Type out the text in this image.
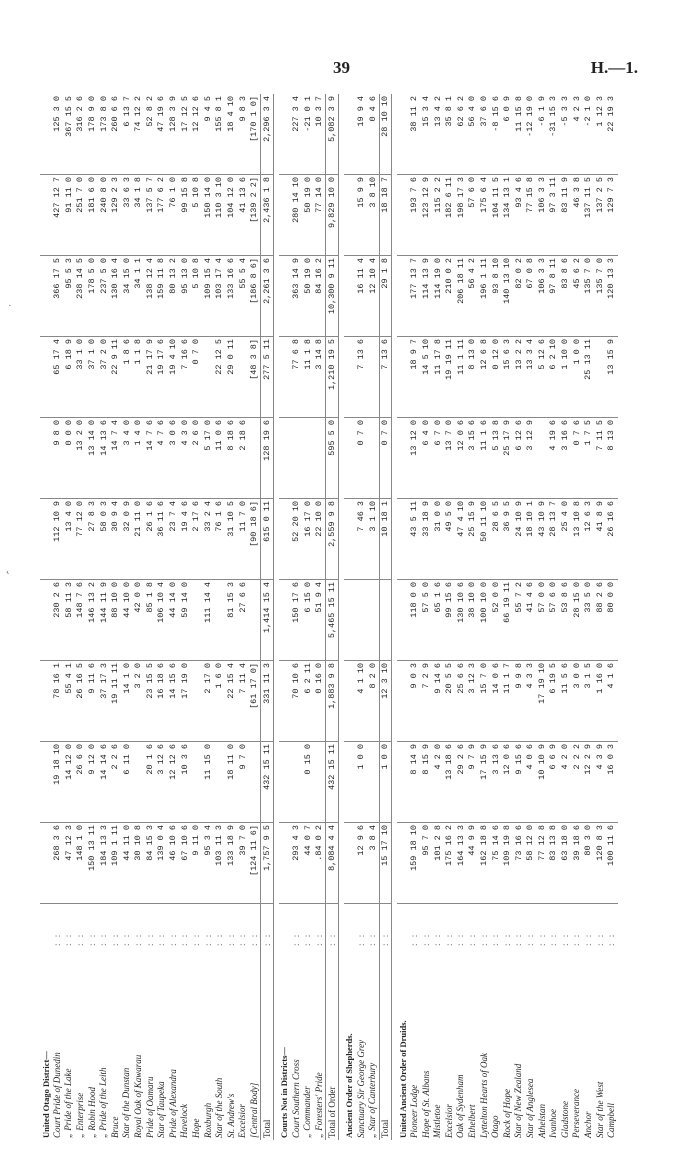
39	H.—1.
·
˛
United Otago District—											
Court Pride of Dunedin	: :	268 3 6	19 18 10	78 16 1	230 2 6	112 10 9	9 8 0	65 17 4	366 17 5	427 12 7	125 3 0
„ Pride of the Lake	: :	47 12 3	14 12 0	55 4 1	58 11 3	13 4 0	0 0 0	6 18 9	95 5 3	91 11 0	367 15 5
„ Enterprise	: :	148 1 0	26 6 0	26 16 5	148 7 6	77 12 0	13 2 0	33 1 0	238 14 5	251 7 0	316 2 6
„ Robin Hood	: :	150 13 11	9 12 0	9 11 6	146 13 2	27 8 3	13 14 0	37 1 0	178 5 0	181 6 0	178 9 0
„ Pride of the Leith	: :	184 13 3	14 14 6	37 17 3	144 11 9	58 0 3	14 13 6	37 2 0	237 5 0	240 8 0	173 8 0
Bruce	: :	109 1 11	2 2 6	19 11 11	88 10 0	30 9 4	14 7 4	22 9 11	130 16 4	129 2 3	260 6 6
Star of the Dunstan	: :	44 11 0	6 11 0	14 1 0	44 10 0	32 0 9	3 4 0	1 8 6	34 15 0	33 6 3	6 13 7
Royal Oak of Kawarau	: :	30 10 8		3 2 0	42 0 0	21 11 0	1 4 0	1 1 8	34 1 1	34 1 8	74 12 2
Pride of Oamaru	: :	84 15 3	20 1 6	23 15 5	85 1 8	26 1 6	14 7 6	21 17 9	138 12 4	137 5 7	52 8 2
Star of Taupeka	: :	139 0 4	3 12 6	16 18 6	106 10 4	36 11 6	4 7 6	19 17 6	159 11 8	177 6 2	47 19 6
Pride of Alexandra	: :	46 10 6	12 12 6	14 15 6	44 14 0	23 7 4	3 0 6	19 4 10	80 13 2	76 1 0	128 3 9
Havelock	: :	67 10 6	10 3 6	17 19 0	59 14 0	19 4 6	4 3 0	7 16 6	95 13 0	99 15 8	17 12 5
Hope	: :	9 11 0				2 17 6	2 6 0	0 7 0	5 10 8	5 10 8	12 12 6
Roxburgh	: :	95 3 4	11 15 0	2 17 0	111 14 4	33 2 4	5 17 0		109 15 4	150 14 0	9 4 5
Star of the South	: :	103 11 3		1 6 0		76 1 6	11 0 6	22 12 5	103 17 4	110 3 10	155 8 1
St. Andrew's	: :	133 18 9	18 11 0	22 15 4	81 15 3	31 10 5	8 18 6	29 0 11	133 16 6	104 12 0	18 4 10
Excelsior	: :	39 7 0	9 7 0	7 11 4	27 6 6	11 7 0	2 18 6		55 5 4	41 13 6	9 8 3
[Central Body]	: :	[124 11 6]		[61 17 0]		[90 18 6]		[48 3 8]	[186 8 6]	[139 2 2]	[170 1 0]
Total	: :	1,757 9 5	432 15 11	331 11 3	1,414 15 4	615 0 11	128 19 6	277 5 11	2,261 3 6	2,436 1 8	2,296 3 4

Courts Not in Districts—											
Court Southern Cross	: :	293 4 3		70 10 6	150 17 6	52 20 10		77 6 8	363 14 9	280 14 10	227 3 4
„ Commander	: :	44 0 7	0 15 0	6 2 11	6 15 0	16 17 0		11 1 8	50 19 0	50 19 0	-21 0 1
„ Foresters' Pride	: :	.84 0 2		0 16 0	51 9 4	22 10 0		3 14 8	84 16 2	77 14 0	10 3 7
Total of Order	: :	8,084 4 4	432 15 11	1,883 9 8	5,465 15 11	2,559 9 8	595 5 0	1,210 19 5	10,300 9 11	9,829 10 0	5,082 3 9

Ancient Order of Shepherds.											
Sanctuary Sir George Grey	: :	12 9 6	1 0 0	4 1 10		7 46 3	0 7 0	7 13 6	16 11 4	15 9 9	19 9 4
„ Star of Canterbury	: :	3 8 4		8 2 0		3 1 10			12 10 4	3 8 10	0 4 6
Total	: :	15 17 10	1 0 0	12 3 10		10 18 1	0 7 0	7 13 6	29 1 8	18 18 7	28 10 10

United Ancient Order of Druids.											
Pioneer Lodge	: :	159 18 10	8 14 9	9 0 3	118 0 0	43 5 11	13 12 0	18 9 7	177 13 7	193 7 6	38 11 2
Hope of St. Albans	: :	95 7 0	8 15 9	7 2 9	57 5 0	33 18 9	6 4 0	14 5 10	114 13 9	123 12 9	15 3 4
Mistletoe	: :	101 2 8	4 2 0	9 14 6	65 1 6	31 0 0	6 7 0	11 17 8	114 19 0	115 2 2	13 4 2
Excelsior	: :	175 16 2	13 18 6	20 5 5	99 15 6	49 5 0	13 7 0	19 19 11	210 0 2	182 6 11	35 8 1
Oak of Sydenham	: :	164 13 3	29 2 6	25 6 6	130 10 6	47 4 10	12 0 6	11 1 11	206 18 11	198 17 3	62 6 2
Ethelbert	: :	44 9 9	9 7 9	3 12 3	38 10 0	25 15 9	3 15 6	8 13 0	56 4 2	57 6 0	56 4 0
Lyttelton Hearts of Oak	: :	162 18 8	17 15 9	15 7 0	100 10 0	50 11 10	11 1 6	12 6 8	196 1 11	175 6 4	37 6 0
Otago	: :	75 14 6	3 13 6	14 0 6	52 0 0	28 6 5	5 13 8	0 12 0	93 8 10	104 11 5	-8 15 6
Rock of Hope	: :	109 19 8	12 0 6	11 1 7	66 19 11	36 9 5	25 17 9	15 6 3	140 13 10	134 13 1	6 0 9
Star of New Zealand	: :	73 16 6	9 15 6	9 9 8	55 7 2	24 10 9	6 12 6	13 2 2	82 0 2	93 4 6	11 15 8
Star of Anglesea	: :	58 12 0	4 0 6	4 3 3	41 4 6	18 10 1	3 12 9	13 3 4	67 0 8	77 15 8	-12 19 0
Athelstan	: :	77 12 8	10 10 9	17 19 10	57 0 0	43 10 9		5 12 6	106 3 3	106 3 3	-6 1 9
Ivanhoe	: :	83 13 8	6 6 9	6 19 5	57 6 0	28 13 7	4 19 6	6 2 10	97 8 11	97 3 11	-31 15 3
Gladstone	: :	63 18 0	4 2 0	11 5 6	53 8 6	25 4 0	3 16 6	1 10 0	83 8 6	83 11 9	-5 3 3
Perseverance	: :	39 18 6	2 2 2	3 0 0	28 15 0	13 10 8	0 7 6	1 0 0	45 6 2	46 3 8	4 2 3
Anchor	: :	80 3 0	12 2 9	3 1 5	33 5 0	12 6 3	1 7 5	25 13 11	135 7 0	137 11 5	-2 1 0
Star of the West	: :	120 8 3	4 3 9	1 16 0	88 2 6	41 8 9	7 11 5		135 7 0	137 2 5	1 12 3
Campbell	: :	100 11 6	16 0 3	4 1 6	80 0 0	26 16 6	8 13 0	13 15 9	120 13 3	129 7 3	22 19 3
